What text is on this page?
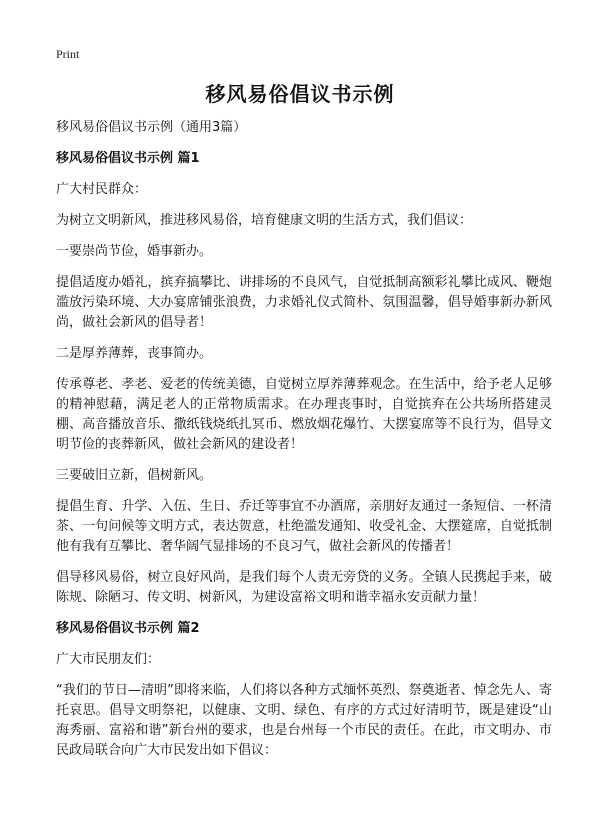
Print
移风易俗倡议书示例

移风易俗倡议书示例（通用3篇）

移风易俗倡议书示例 篇1

广大村民群众：

为树立文明新风，推进移风易俗，培育健康文明的生活方式，我们倡议：

一要崇尚节俭，婚事新办。

提倡适度办婚礼，摈弃搞攀比、讲排场的不良风气，自觉抵制高额彩礼攀比成风、鞭炮滥放污染环境、大办宴席铺张浪费，力求婚礼仪式简朴、氛围温馨，倡导婚事新办新风尚，做社会新风的倡导者！

二是厚养薄葬，丧事简办。

传承尊老、孝老、爱老的传统美德，自觉树立厚养薄葬观念。在生活中，给予老人足够的精神慰藉，满足老人的正常物质需求。在办理丧事时，自觉摈弃在公共场所搭建灵棚、高音播放音乐、撒纸钱烧纸扎冥币、燃放烟花爆竹、大摆宴席等不良行为，倡导文明节俭的丧葬新风，做社会新风的建设者！

三要破旧立新，倡树新风。

提倡生育、升学、入伍、生日、乔迁等事宜不办酒席，亲朋好友通过一条短信、一杯清茶、一句问候等文明方式，表达贺意，杜绝滥发通知、收受礼金、大摆筵席，自觉抵制他有我有互攀比、奢华阔气显排场的不良习气，做社会新风的传播者！

倡导移风易俗，树立良好风尚，是我们每个人责无旁贷的义务。全镇人民携起手来，破陈规、除陋习、传文明、树新风，为建设富裕文明和谐幸福永安贡献力量！

移风易俗倡议书示例 篇2

广大市民朋友们：

“我们的节日—清明”即将来临，人们将以各种方式缅怀英烈、祭奠逝者、悼念先人、寄托哀思。倡导文明祭祀，以健康、文明、绿色、有序的方式过好清明节，既是建设“山海秀丽、富裕和谐”新台州的要求，也是台州每一个市民的责任。在此，市文明办、市民政局联合向广大市民发出如下倡议：
